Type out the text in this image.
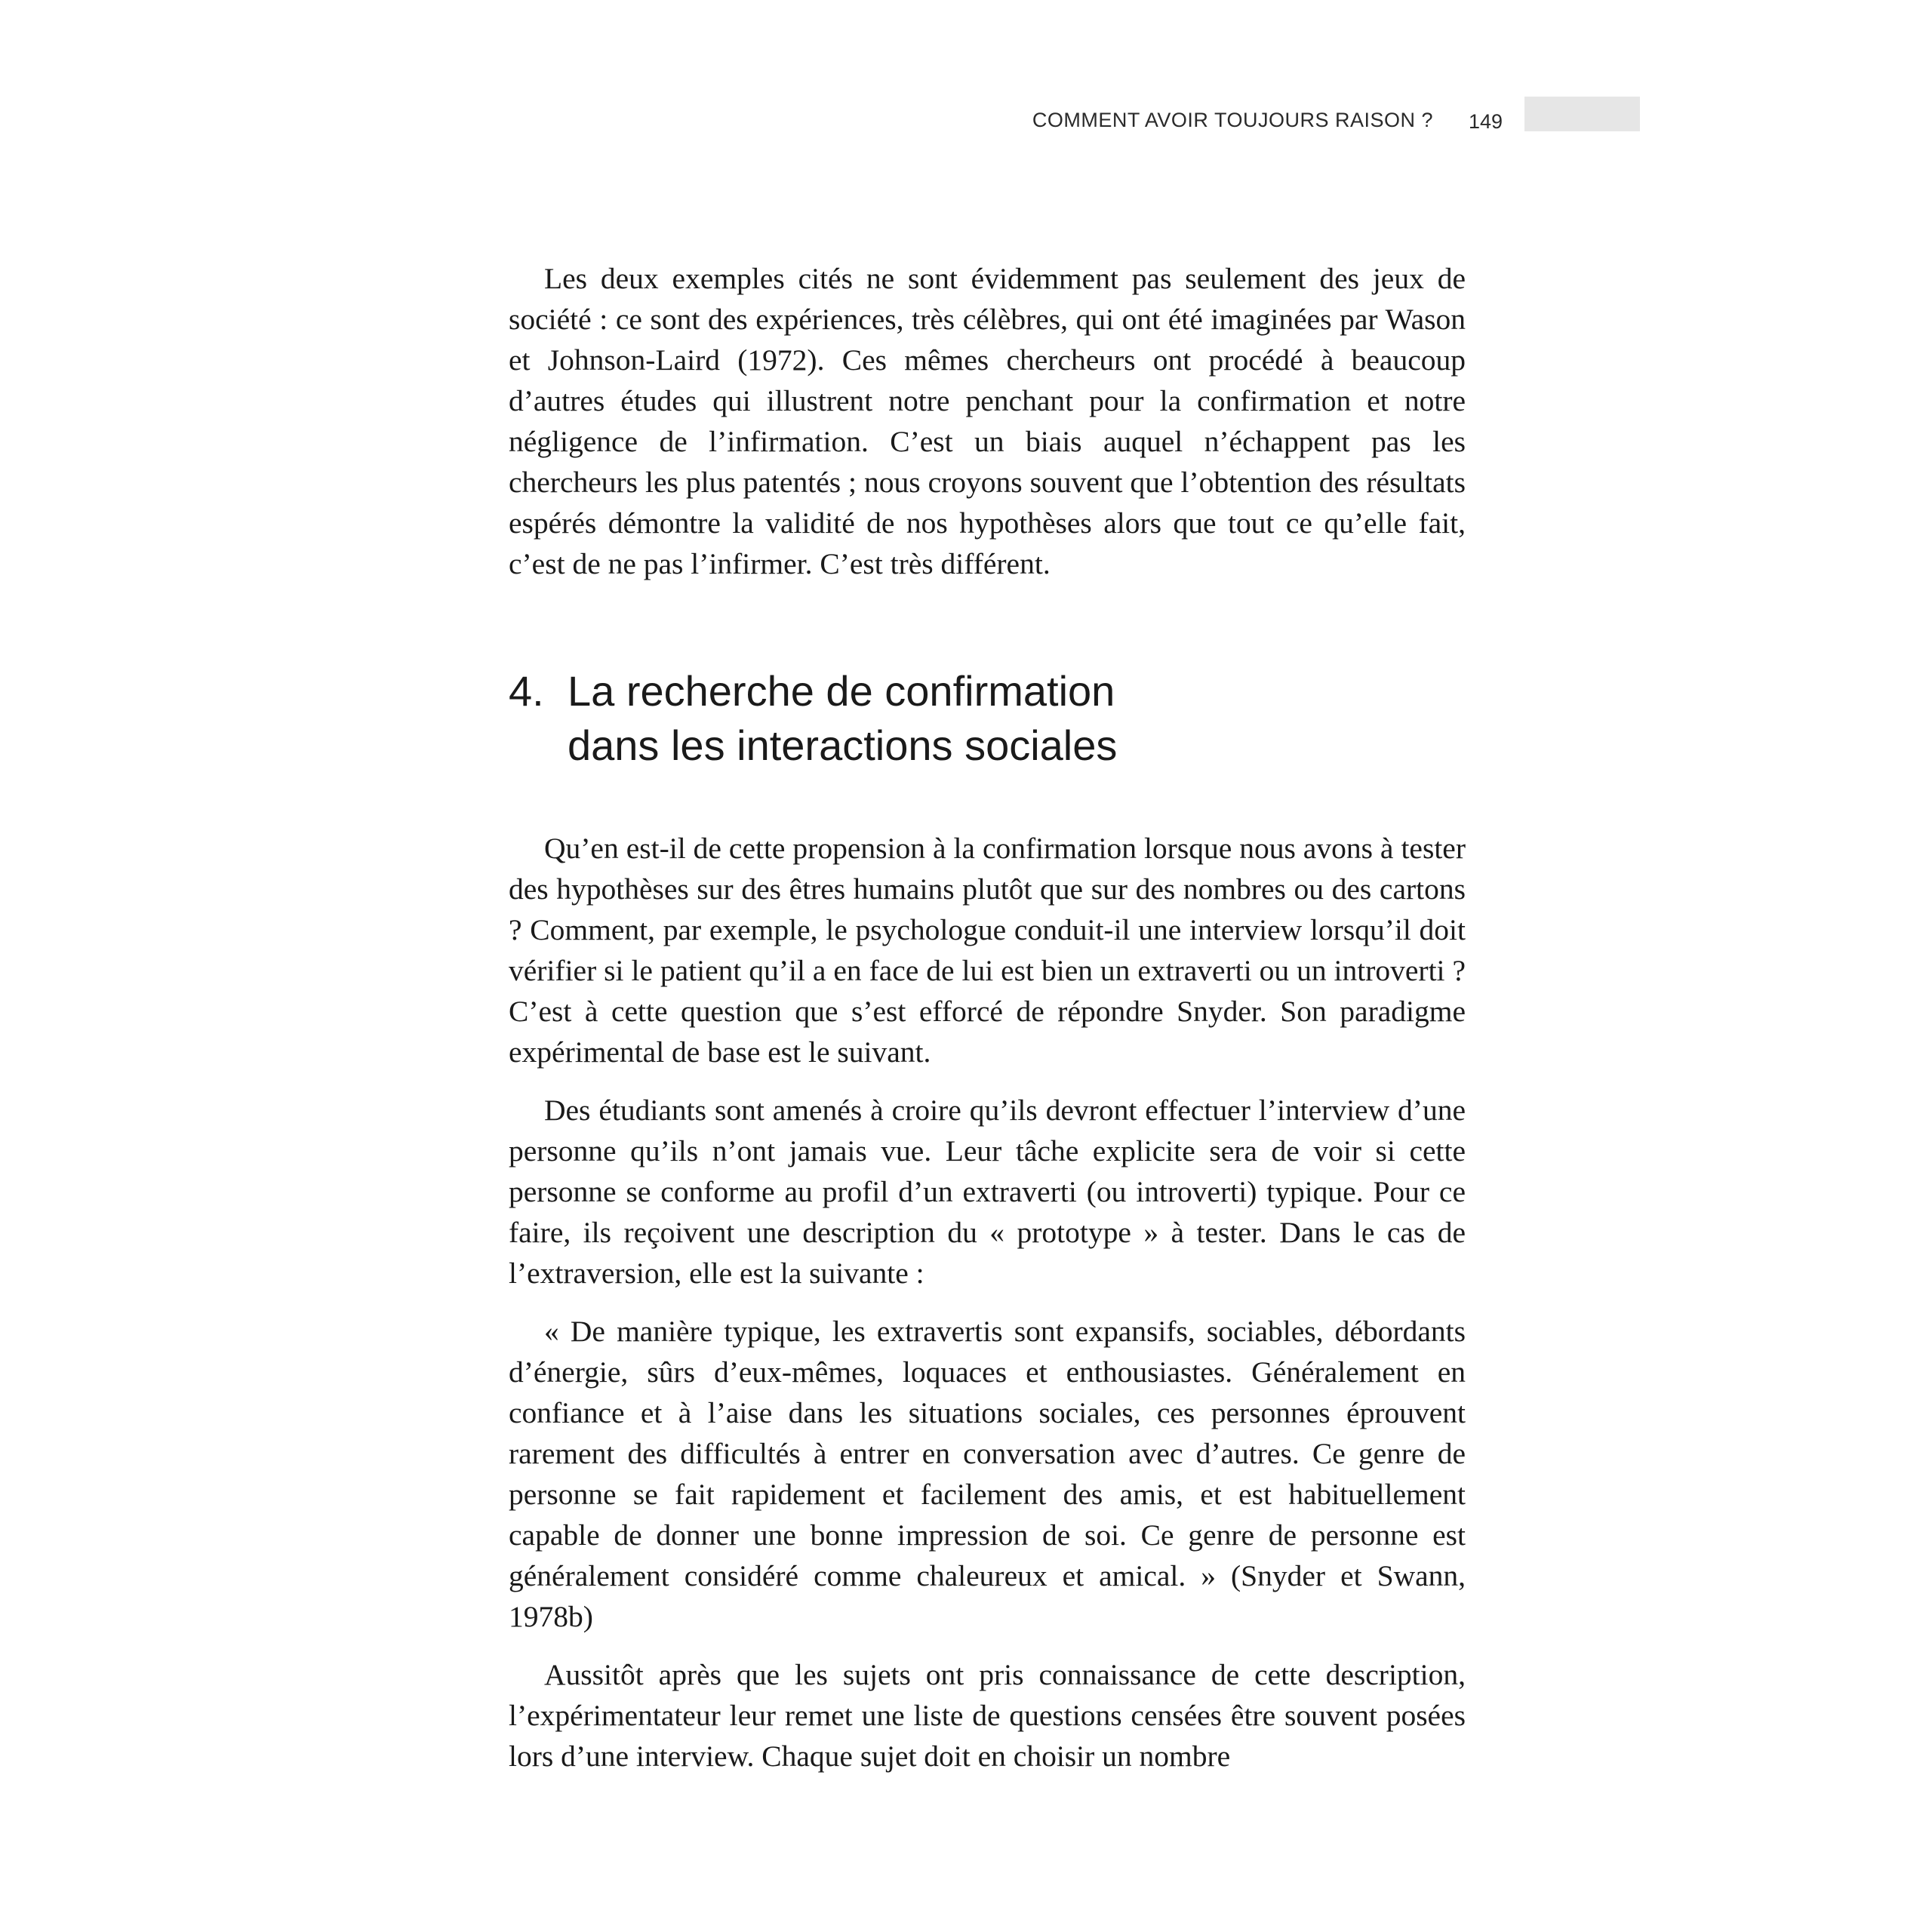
COMMENT AVOIR TOUJOURS RAISON ? 149

Les deux exemples cités ne sont évidemment pas seulement des jeux de société : ce sont des expériences, très célèbres, qui ont été imaginées par Wason et Johnson-Laird (1972). Ces mêmes chercheurs ont procédé à beaucoup d’autres études qui illustrent notre penchant pour la confirmation et notre négligence de l’infirmation. C’est un biais auquel n’échappent pas les chercheurs les plus patentés ; nous croyons souvent que l’obtention des résultats espérés démontre la validité de nos hypothèses alors que tout ce qu’elle fait, c’est de ne pas l’infirmer. C’est très différent.

4. La recherche de confirmation
dans les interactions sociales

Qu’en est-il de cette propension à la confirmation lorsque nous avons à tester des hypothèses sur des êtres humains plutôt que sur des nombres ou des cartons ? Comment, par exemple, le psychologue conduit-il une interview lorsqu’il doit vérifier si le patient qu’il a en face de lui est bien un extraverti ou un introverti ? C’est à cette question que s’est efforcé de répondre Snyder. Son paradigme expérimental de base est le suivant.

Des étudiants sont amenés à croire qu’ils devront effectuer l’interview d’une personne qu’ils n’ont jamais vue. Leur tâche explicite sera de voir si cette personne se conforme au profil d’un extraverti (ou introverti) typique. Pour ce faire, ils reçoivent une description du « prototype » à tester. Dans le cas de l’extraversion, elle est la suivante :

« De manière typique, les extravertis sont expansifs, sociables, débordants d’énergie, sûrs d’eux-mêmes, loquaces et enthousiastes. Généralement en confiance et à l’aise dans les situations sociales, ces personnes éprouvent rarement des difficultés à entrer en conversation avec d’autres. Ce genre de personne se fait rapidement et facilement des amis, et est habituellement capable de donner une bonne impression de soi. Ce genre de personne est généralement considéré comme chaleureux et amical. » (Snyder et Swann, 1978b)

Aussitôt après que les sujets ont pris connaissance de cette description, l’expérimentateur leur remet une liste de questions censées être souvent posées lors d’une interview. Chaque sujet doit en choisir un nombre
